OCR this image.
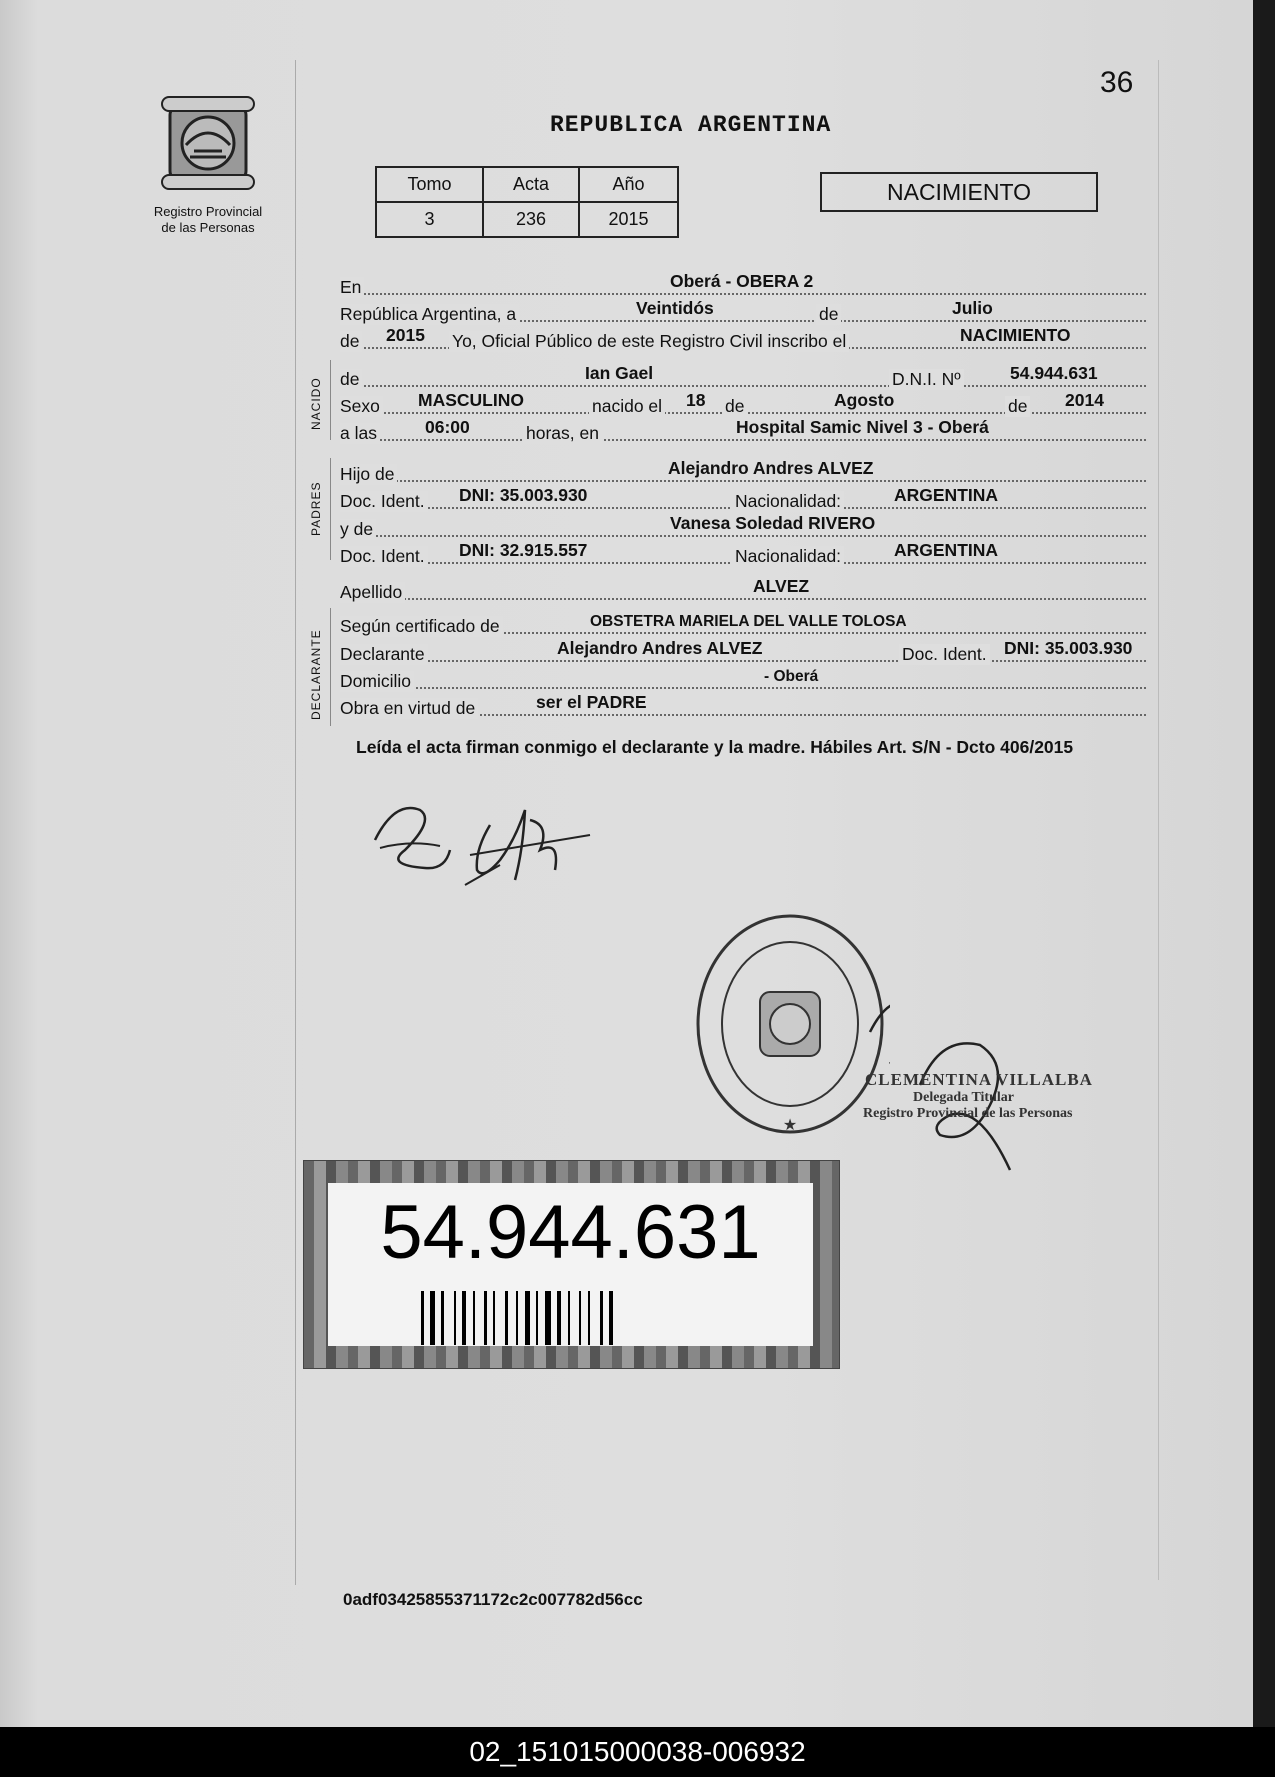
36
REPUBLICA ARGENTINA
Registro Provincial
de las Personas
Tomo	Acta	Año
3	236	2015
NACIMIENTO
En	Oberá - OBERA 2
República Argentina, a	Veintidós	de	Julio
de 2015 Yo, Oficial Público de este Registro Civil inscribo el	NACIMIENTO
NACIDO de	Ian Gael	D.N.I. Nº	54.944.631
Sexo MASCULINO	nacido el 18 de	Agosto	de 2014
a las	06:00	horas, en	Hospital Samic Nivel 3 - Oberá
PADRES
Hijo de	Alejandro Andres ALVEZ
Doc. Ident. DNI: 35.003.930	Nacionalidad:	ARGENTINA
y de	Vanesa Soledad RIVERO
Doc. Ident. DNI: 32.915.557	Nacionalidad:	ARGENTINA
Apellido	ALVEZ
DECLARANTE
Según certificado de	OBSTETRA MARIELA DEL VALLE TOLOSA
Declarante	Alejandro Andres ALVEZ	Doc. Ident. DNI: 35.003.930
Domicilio	- Oberá
Obra en virtud de	ser el PADRE
Leída el acta firman conmigo el declarante y la madre. Hábiles Art. S/N - Dcto 406/2015
★
CLEMENTINA VILLALBA
Delegada Titular
Registro Provincial de las Personas
54.944.631
0adf03425855371172c2c007782d56cc
02_151015000038-006932
